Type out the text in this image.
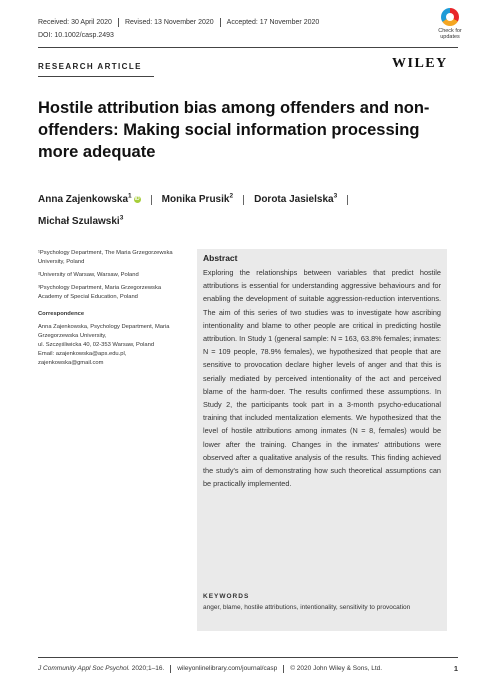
Received: 30 April 2020 Revised: 13 November 2020 Accepted: 17 November 2020
DOI: 10.1002/casp.2493
Check for updates
RESEARCH ARTICLE	WILEY
Hostile attribution bias among offenders and non-offenders: Making social information processing more adequate
Anna Zajenkowska$^1$ iD Monika Prusik$^2$ Dorota Jasielska$^3$
Michał Szulawski$^3$

¹Psychology Department, The Maria Grzegorzewska University, Poland

²University of Warsaw, Warsaw, Poland

³Psychology Department, Maria Grzegorzewska Academy of Special Education, Poland

Correspondence

Anna Zajenkowska, Psychology Department, Maria Grzegorzewska University,

ul. Szczęśliwicka 40, 02-353 Warsaw, Poland

Email: azajenkowska@aps.edu.pl, zajenkowska@gmail.com

Abstract
Exploring the relationships between variables that predict hostile attributions is essential for understanding aggressive behaviours and for enabling the development of suitable aggression-reduction interventions. The aim of this series of two studies was to investigate how ascribing intentionality and blame to other people are critical in predicting hostile attribution. In Study 1 (general sample: N = 163, 63.8% females; inmates: N = 109 people, 78.9% females), we hypothesized that people that are sensitive to provocation declare higher levels of anger and that this is serially mediated by perceived intentionality of the act and perceived blame of the harm-doer. The results confirmed these assumptions. In Study 2, the participants took part in a 3-month psycho-educational training that included mentalization elements. We hypothesized that the level of hostile attributions among inmates (N = 8, females) would be lower after the training. Changes in the inmates' attributions were observed after a qualitative analysis of the results. This finding achieved the study's aim of demonstrating how such theoretical assumptions can be practically implemented.
KEYWORDS
anger, blame, hostile attributions, intentionality, sensitivity to provocation
J Community Appl Soc Psychol.
2020;1–16. wileyonlinelibrary.com/journal/casp © 2020 John Wiley & Sons, Ltd.	1
